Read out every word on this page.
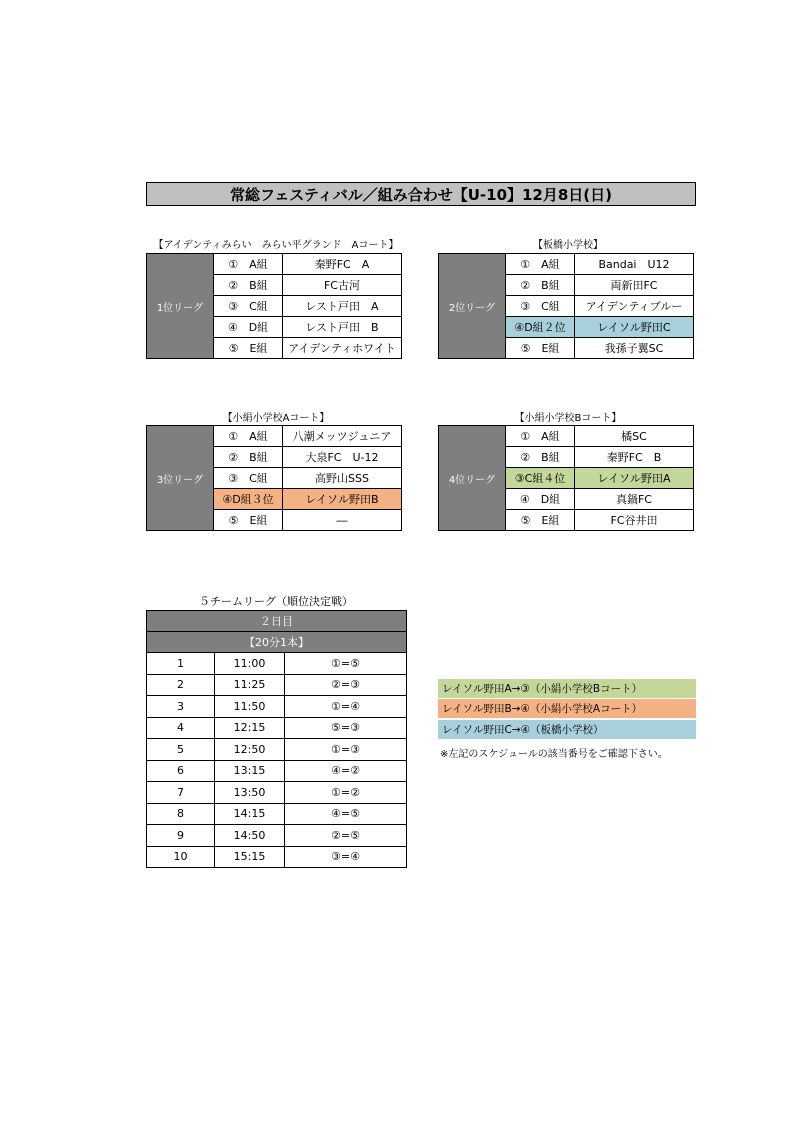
常総フェスティバル／組み合わせ【U-10】12月8日(日)
【アイデンティみらい　みらい平グランド　Aコート】
1位リーグ	①　A組	秦野FC　A
	②　B組	FC古河
	③　C組	レスト戸田　A
	④　D組	レスト戸田　B
	⑤　E組	アイデンティホワイト
【板橋小学校】
2位リーグ	①　A組	Bandai　U12
	②　B組	両新田FC
	③　C組	アイデンティブルー
	④D組２位	レイソル野田C
	⑤　E組	我孫子翼SC
【小絹小学校Aコート】
3位リーグ	①　A組	八潮メッツジュニア
	②　B組	大泉FC　U-12
	③　C組	高野山SSS
	④D組３位	レイソル野田B
	⑤　E組	―
【小絹小学校Bコート】
4位リーグ	①　A組	橘SC
	②　B組	秦野FC　B
	③C組４位	レイソル野田A
	④　D組	真鍋FC
	⑤　E組	FC谷井田
５チームリーグ（順位決定戦）
２日目		
【20分1本】		
1	11:00	①=⑤
2	11:25	②=③
3	11:50	①=④
4	12:15	⑤=③
5	12:50	①=③
6	13:15	④=②
7	13:50	①=②
8	14:15	④=⑤
9	14:50	②=⑤
10	15:15	③=④
レイソル野田A→③（小絹小学校Bコート）
レイソル野田B→④（小絹小学校Aコート）
レイソル野田C→④（板橋小学校）
※左記のスケジュールの該当番号をご確認下さい。
